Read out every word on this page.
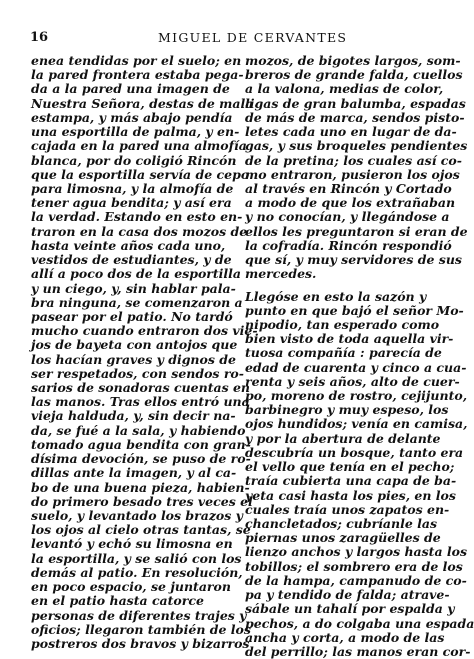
16	MIGUEL DE CERVANTES
enea tendidas por el suelo; en
la pared frontera estaba pega-
da a la pared una imagen de
Nuestra Señora, destas de mala
estampa, y más abajo pendía
una esportilla de palma, y en-
cajada en la pared una almofía
blanca, por do coligió Rincón
que la esportilla servía de cepo
para limosna, y la almofía de
tener agua bendita; y así era
la verdad. Estando en esto en-
traron en la casa dos mozos de
hasta veinte años cada uno,
vestidos de estudiantes, y de
allí a poco dos de la esportilla
y un ciego, y, sin hablar pala-
bra ninguna, se comenzaron a
pasear por el patio. No tardó
mucho cuando entraron dos vie-
jos de bayeta con antojos que
los hacían graves y dignos de
ser respetados, con sendos ro-
sarios de sonadoras cuentas en
las manos. Tras ellos entró una
vieja halduda, y, sin decir na-
da, se fué a la sala, y habiendo
tomado agua bendita con gran-
dísima devoción, se puso de ro-
dillas ante la imagen, y al ca-
bo de una buena pieza, habien-
do primero besado tres veces el
suelo, y levantado los brazos y
los ojos al cielo otras tantas, se
levantó y echó su limosna en
la esportilla, y se salió con los
demás al patio. En resolución,
en poco espacio, se juntaron
en el patio hasta catorce
personas de diferentes trajes y
oficios; llegaron también de los
postreros dos bravos y bizarros
mozos, de bigotes largos, som-
breros de grande falda, cuellos
a la valona, medias de color,
ligas de gran balumba, espadas
de más de marca, sendos pisto-
letes cada uno en lugar de da-
gas, y sus broqueles pendientes
de la pretina; los cuales así co-
mo entraron, pusieron los ojos
al través en Rincón y Cortado
a modo de que los extrañaban
y no conocían, y llegándose a
ellos les preguntaron si eran de
la cofradía. Rincón respondió
que sí, y muy servidores de sus
mercedes.
Llegóse en esto la sazón y
punto en que bajó el señor Mo-
nipodio, tan esperado como
bien visto de toda aquella vir-
tuosa compañía : parecía de
edad de cuarenta y cinco a cua-
renta y seis años, alto de cuer-
po, moreno de rostro, cejijunto,
barbinegro y muy espeso, los
ojos hundidos; venía en camisa,
y por la abertura de delante
descubría un bosque, tanto era
el vello que tenía en el pecho;
traía cubierta una capa de ba-
yeta casi hasta los pies, en los
cuales traía unos zapatos en-
chancletados; cubríanle las
piernas unos zaragüelles de
lienzo anchos y largos hasta los
tobillos; el sombrero era de los
de la hampa, campanudo de co-
pa y tendido de falda; atrave-
sábale un tahalí por espalda y
pechos, a do colgaba una espada
ancha y corta, a modo de las
del perrillo; las manos eran cor-
